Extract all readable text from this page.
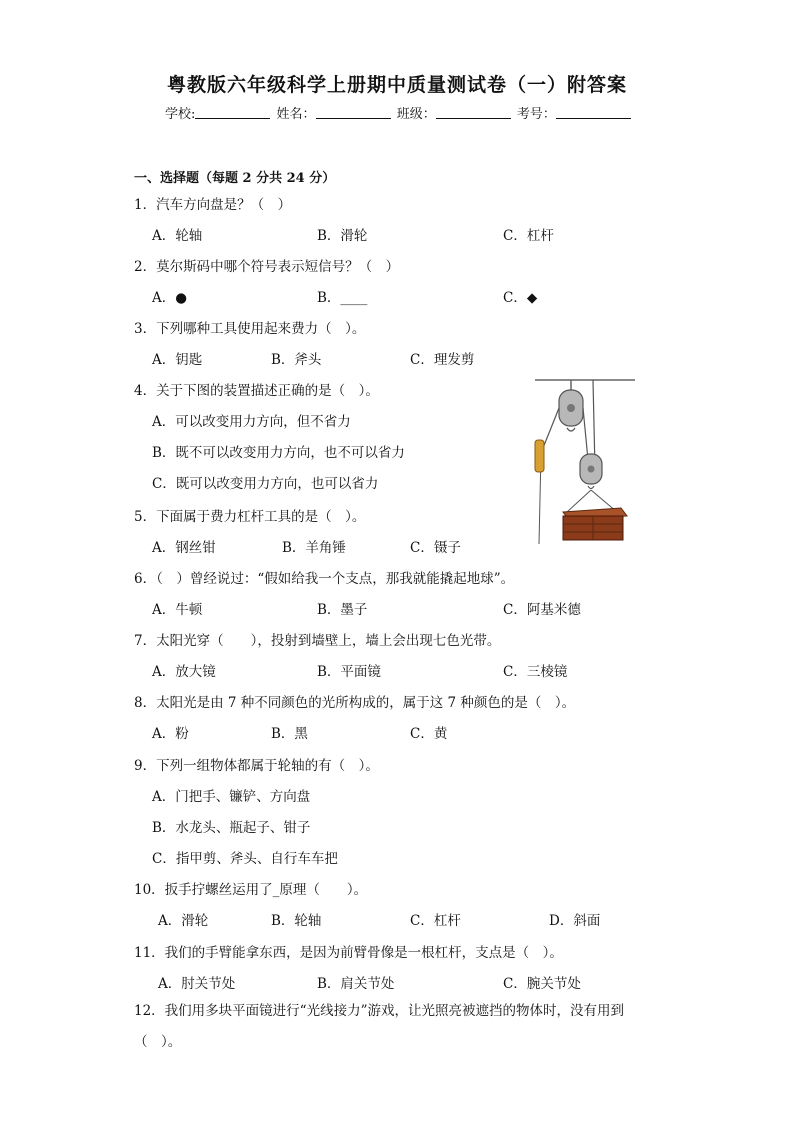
粤教版六年级科学上册期中质量测试卷（一）附答案
学校:	姓名：	班级：	考号：
一、选择题（每题 2 分共 24 分）
1．汽车方向盘是？（　）
A．轮轴	B．滑轮	C．杠杆
2．莫尔斯码中哪个符号表示短信号？（　）
A．●	B．____	C．◆
3．下列哪种工具使用起来费力（　）。
A．钥匙	B．斧头	C．理发剪
4．关于下图的装置描述正确的是（　）。
A．可以改变用力方向，但不省力
B．既不可以改变用力方向，也不可以省力
C．既可以改变用力方向，也可以省力
5．下面属于费力杠杆工具的是（　）。
A．钢丝钳	B．羊角锤	C．镊子
6．（　）曾经说过：“假如给我一个支点，那我就能撬起地球”。
A．牛顿	B．墨子	C．阿基米德
7．太阳光穿（　　），投射到墙壁上，墙上会出现七色光带。
A．放大镜	B．平面镜	C．三棱镜
8．太阳光是由 7 种不同颜色的光所构成的，属于这 7 种颜色的是（　）。
A．粉	B．黑	C．黄
9．下列一组物体都属于轮轴的有（　）。
A．门把手、镰铲、方向盘
B．水龙头、瓶起子、钳子
C．指甲剪、斧头、自行车车把
10．扳手拧螺丝运用了_原理（　　）。
A．滑轮	B．轮轴	C．杠杆	D．斜面
11．我们的手臂能拿东西，是因为前臂骨像是一根杠杆，支点是（　）。
A．肘关节处	B．肩关节处	C．腕关节处
12．我们用多块平面镜进行“光线接力”游戏，让光照亮被遮挡的物体时，没有用到（　）。
